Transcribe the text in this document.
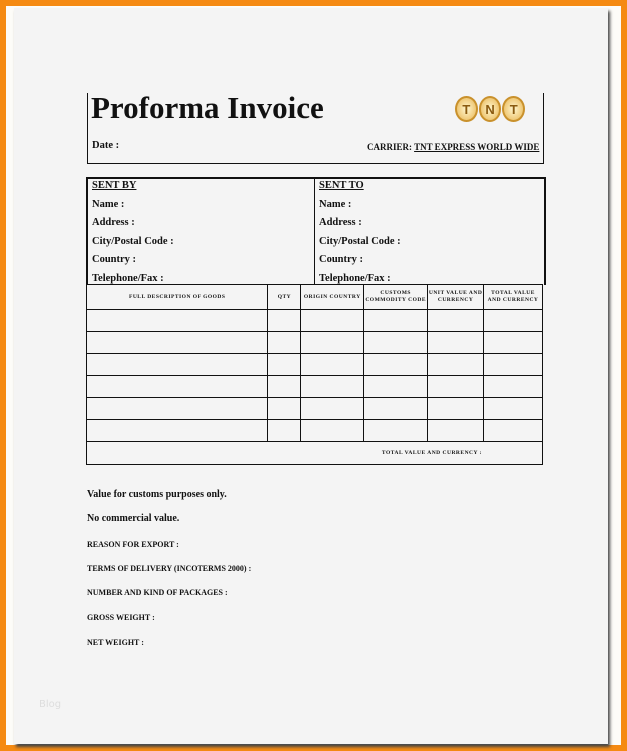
Proforma Invoice	T	N	T
Date :	CARRIER: TNT EXPRESS WORLD WIDE
SENT BY
Name :
Address :
City/Postal Code :
Country :
Telephone/Fax :
SENT TO
Name :
Address :
City/Postal Code :
Country :
Telephone/Fax :
FULL DESCRIPTION OF GOODS	QTY	ORIGIN COUNTRY	CUSTOMS COMMODITY CODE	UNIT VALUE AND CURRENCY	TOTAL VALUE AND CURRENCY

TOTAL VALUE AND CURRENCY :					
Value for customs purposes only.
No commercial value.
REASON FOR EXPORT :
TERMS OF DELIVERY (INCOTERMS 2000) :
NUMBER AND KIND OF PACKAGES :
GROSS WEIGHT :
NET WEIGHT :
Blog
